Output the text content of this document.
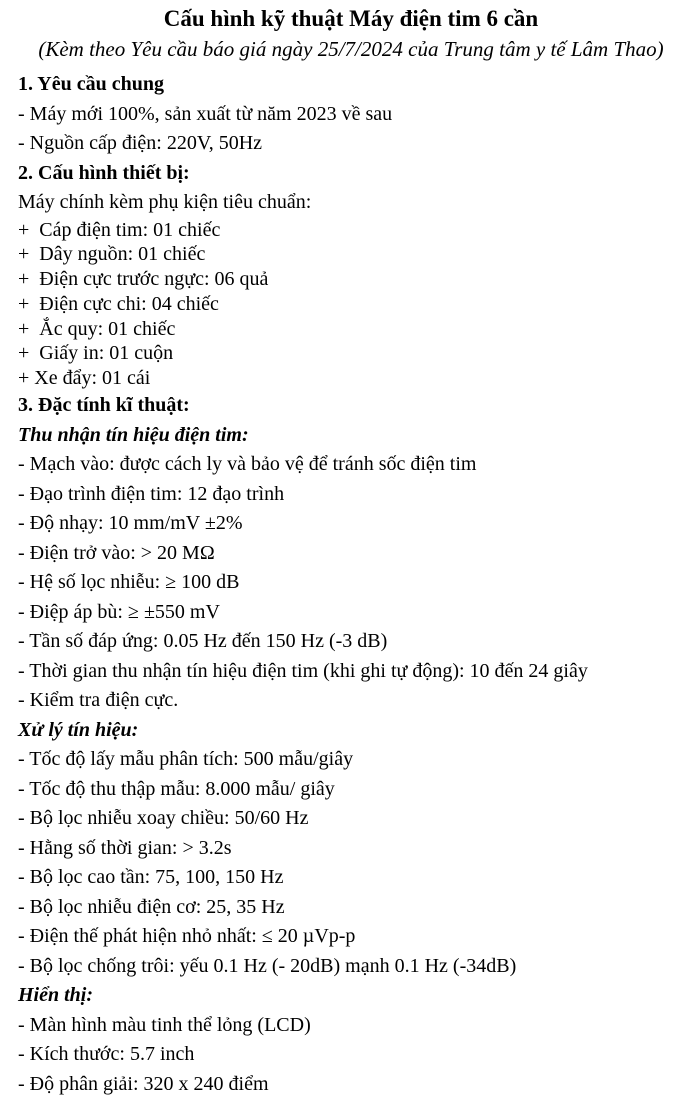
Cấu hình kỹ thuật Máy điện tim 6 cần
(Kèm theo Yêu cầu báo giá ngày 25/7/2024 của Trung tâm y tế Lâm Thao)

1. Yêu cầu chung

- Máy mới 100%, sản xuất từ năm 2023 về sau

- Nguồn cấp điện: 220V, 50Hz

2. Cấu hình thiết bị:

Máy chính kèm phụ kiện tiêu chuẩn:

+  Cáp điện tim: 01 chiếc

+  Dây nguồn: 01 chiếc

+  Điện cực trước ngực: 06 quả

+  Điện cực chi: 04 chiếc

+  Ắc quy: 01 chiếc

+  Giấy in: 01 cuộn

+ Xe đẩy: 01 cái

3. Đặc tính kĩ thuật:

Thu nhận tín hiệu điện tim:

- Mạch vào: được cách ly và bảo vệ để tránh sốc điện tim

- Đạo trình điện tim: 12 đạo trình

- Độ nhạy: 10 mm/mV ±2%

- Điện trở vào: > 20 MΩ

- Hệ số lọc nhiễu: ≥ 100 dB

- Điệp áp bù: ≥ ±550 mV

- Tần số đáp ứng: 0.05 Hz đến 150 Hz (-3 dB)

- Thời gian thu nhận tín hiệu điện tim (khi ghi tự động): 10 đến 24 giây

- Kiểm tra điện cực.

Xử lý tín hiệu:

- Tốc độ lấy mẫu phân tích: 500 mẫu/giây

- Tốc độ thu thập mẫu: 8.000 mẫu/ giây

- Bộ lọc nhiễu xoay chiều: 50/60 Hz

- Hằng số thời gian: > 3.2s

- Bộ lọc cao tần: 75, 100, 150 Hz

- Bộ lọc nhiễu điện cơ: 25, 35 Hz

- Điện thế phát hiện nhỏ nhất: ≤ 20 µVp-p

- Bộ lọc chống trôi: yếu 0.1 Hz (- 20dB) mạnh 0.1 Hz (-34dB)

Hiển thị:

- Màn hình màu tinh thể lỏng (LCD)

- Kích thước: 5.7 inch

- Độ phân giải: 320 x 240 điểm
